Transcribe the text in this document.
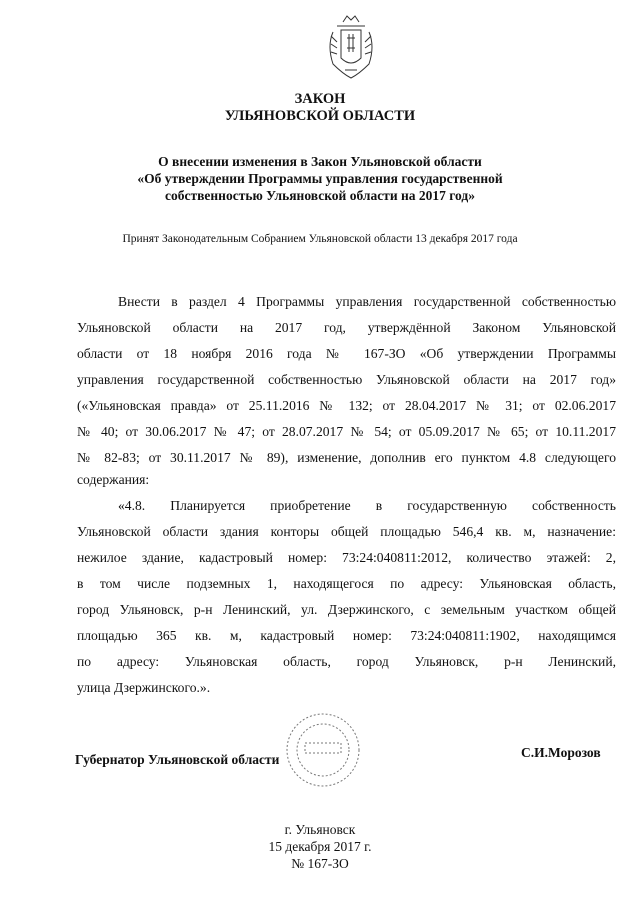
ЗАКОН
УЛЬЯНОВСКОЙ ОБЛАСТИ
О внесении изменения в Закон Ульяновской области
«Об утверждении Программы управления государственной
собственностью Ульяновской области на 2017 год»
Принят Законодательным Собранием Ульяновской области 13 декабря 2017 года
Внести в раздел 4 Программы управления государственной собственностью
Ульяновской области на 2017 год, утверждённой Законом Ульяновской
области от 18 ноября 2016 года № 167-ЗО «Об утверждении Программы
управления государственной собственностью Ульяновской области на 2017 год»
(«Ульяновская правда» от 25.11.2016 № 132; от 28.04.2017 № 31; от 02.06.2017
№ 40; от 30.06.2017 № 47; от 28.07.2017 № 54; от 05.09.2017 № 65; от 10.11.2017
№ 82-83; от 30.11.2017 № 89), изменение, дополнив его пунктом 4.8 следующего
содержания:
«4.8. Планируется приобретение в государственную собственность
Ульяновской области здания конторы общей площадью 546,4 кв. м, назначение:
нежилое здание, кадастровый номер: 73:24:040811:2012, количество этажей: 2,
в том числе подземных 1, находящегося по адресу: Ульяновская область,
город Ульяновск, р-н Ленинский, ул. Дзержинского, с земельным участком общей
площадью 365 кв. м, кадастровый номер: 73:24:040811:1902, находящимся
по адресу: Ульяновская область, город Ульяновск, р-н Ленинский,
улица Дзержинского.».
Губернатор Ульяновской области	С.И.Морозов
г. Ульяновск
15 декабря 2017 г.
№ 167-ЗО
